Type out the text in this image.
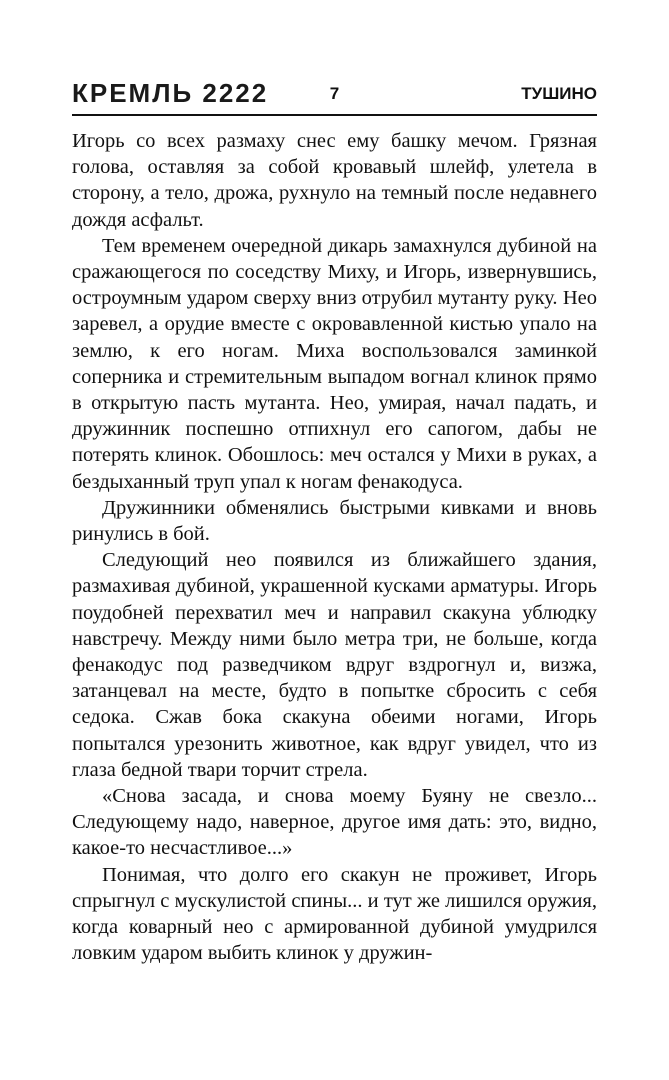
КРЕМЛЬ 2222	7	ТУШИНО

Игорь со всех размаху снес ему башку мечом. Грязная голова, оставляя за собой кровавый шлейф, улетела в сторону, а тело, дрожа, рухнуло на темный после недавнего дождя асфальт.

Тем временем очередной дикарь замахнулся дубиной на сражающегося по соседству Миху, и Игорь, извернувшись, остроумным ударом сверху вниз отрубил мутанту руку. Нео заревел, а орудие вместе с окровавленной кистью упало на землю, к его ногам. Миха воспользовался заминкой соперника и стремительным выпадом вогнал клинок прямо в открытую пасть мутанта. Нео, умирая, начал падать, и дружинник поспешно отпихнул его сапогом, дабы не потерять клинок. Обошлось: меч остался у Михи в руках, а бездыханный труп упал к ногам фенакодуса.

Дружинники обменялись быстрыми кивками и вновь ринулись в бой.

Следующий нео появился из ближайшего здания, размахивая дубиной, украшенной кусками арматуры. Игорь поудобней перехватил меч и направил скакуна ублюдку навстречу. Между ними было метра три, не больше, когда фенакодус под разведчиком вдруг вздрогнул и, визжа, затанцевал на месте, будто в попытке сбросить с себя седока. Сжав бока скакуна обеими ногами, Игорь попытался урезонить животное, как вдруг увидел, что из глаза бедной твари торчит стрела.

«Снова засада, и снова моему Буяну не свезло... Следующему надо, наверное, другое имя дать: это, видно, какое-то несчастливое...»

Понимая, что долго его скакун не проживет, Игорь спрыгнул с мускулистой спины... и тут же лишился оружия, когда коварный нео с армированной дубиной умудрился ловким ударом выбить клинок у дружин-
